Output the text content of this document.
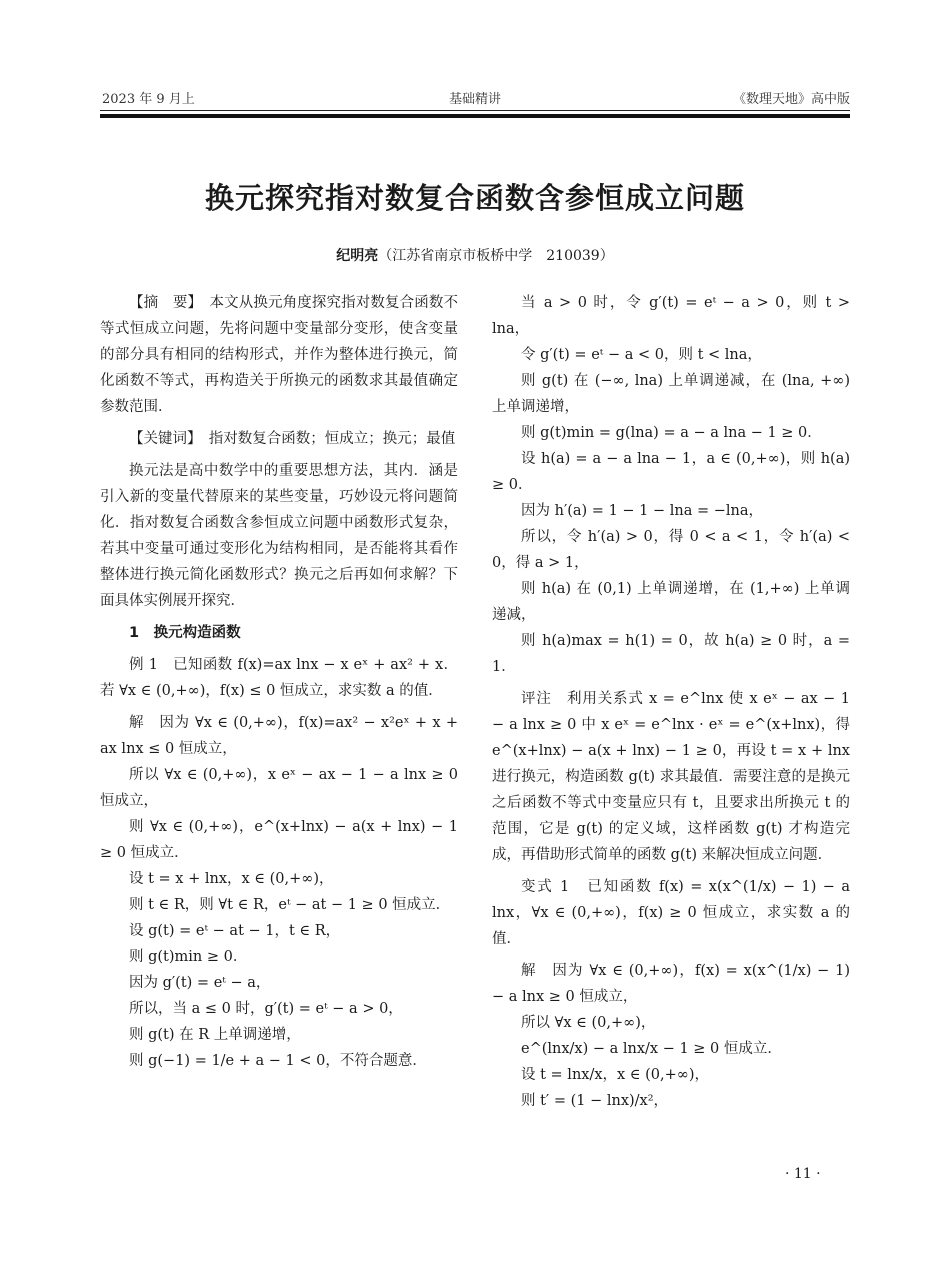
2023 年 9 月上	基础精讲	《数理天地》高中版
换元探究指对数复合函数含参恒成立问题
纪明亮（江苏省南京市板桥中学　210039）

【摘　要】　本文从换元角度探究指对数复合函数不等式恒成立问题，先将问题中变量部分变形，使含变量的部分具有相同的结构形式，并作为整体进行换元，简化函数不等式，再构造关于所换元的函数求其最值确定参数范围．

【关键词】　指对数复合函数；恒成立；换元；最值

换元法是高中数学中的重要思想方法，其内．涵是引入新的变量代替原来的某些变量，巧妙设元将问题简化．指对数复合函数含参恒成立问题中函数形式复杂，若其中变量可通过变形化为结构相同，是否能将其看作整体进行换元简化函数形式？换元之后再如何求解？下面具体实例展开探究．

1　换元构造函数

例 1　已知函数 f(x)=ax lnx − x eˣ + ax² + x．若 ∀x ∈ (0,+∞)，f(x) ≤ 0 恒成立，求实数 a 的值．

解　因为 ∀x ∈ (0,+∞)，f(x)=ax² − x²eˣ + x + ax lnx ≤ 0 恒成立，

所以 ∀x ∈ (0,+∞)，x eˣ − ax − 1 − a lnx ≥ 0 恒成立，

则 ∀x ∈ (0,+∞)，e^(x+lnx) − a(x + lnx) − 1 ≥ 0 恒成立．

设 t = x + lnx，x ∈ (0,+∞)，

则 t ∈ R，则 ∀t ∈ R，eᵗ − at − 1 ≥ 0 恒成立．

设 g(t) = eᵗ − at − 1，t ∈ R，

则 g(t)min ≥ 0．

因为 g′(t) = eᵗ − a，

所以，当 a ≤ 0 时，g′(t) = eᵗ − a > 0，

则 g(t) 在 R 上单调递增，

则 g(−1) = 1/e + a − 1 < 0，不符合题意．

当 a > 0 时，令 g′(t) = eᵗ − a > 0，则 t > lna，

令 g′(t) = eᵗ − a < 0，则 t < lna，

则 g(t) 在 (−∞, lna) 上单调递减，在 (lna, +∞) 上单调递增，

则 g(t)min = g(lna) = a − a lna − 1 ≥ 0．

设 h(a) = a − a lna − 1，a ∈ (0,+∞)，则 h(a) ≥ 0．

因为 h′(a) = 1 − 1 − lna = −lna，

所以，令 h′(a) > 0，得 0 < a < 1，令 h′(a) < 0，得 a > 1，

则 h(a) 在 (0,1) 上单调递增，在 (1,+∞) 上单调递减，

则 h(a)max = h(1) = 0，故 h(a) ≥ 0 时，a = 1．

评注　利用关系式 x = e^lnx 使 x eˣ − ax − 1 − a lnx ≥ 0 中 x eˣ = e^lnx · eˣ = e^(x+lnx)，得 e^(x+lnx) − a(x + lnx) − 1 ≥ 0，再设 t = x + lnx 进行换元，构造函数 g(t) 求其最值．需要注意的是换元之后函数不等式中变量应只有 t，且要求出所换元 t 的范围，它是 g(t) 的定义域，这样函数 g(t) 才构造完成，再借助形式简单的函数 g(t) 来解决恒成立问题．

变式 1　已知函数 f(x) = x(x^(1/x) − 1) − a lnx，∀x ∈ (0,+∞)，f(x) ≥ 0 恒成立，求实数 a 的值．

解　因为 ∀x ∈ (0,+∞)，f(x) = x(x^(1/x) − 1) − a lnx ≥ 0 恒成立，

所以 ∀x ∈ (0,+∞)，

e^(lnx/x) − a lnx/x − 1 ≥ 0 恒成立．

设 t = lnx/x，x ∈ (0,+∞)，

则 t′ = (1 − lnx)/x²，

· 11 ·
